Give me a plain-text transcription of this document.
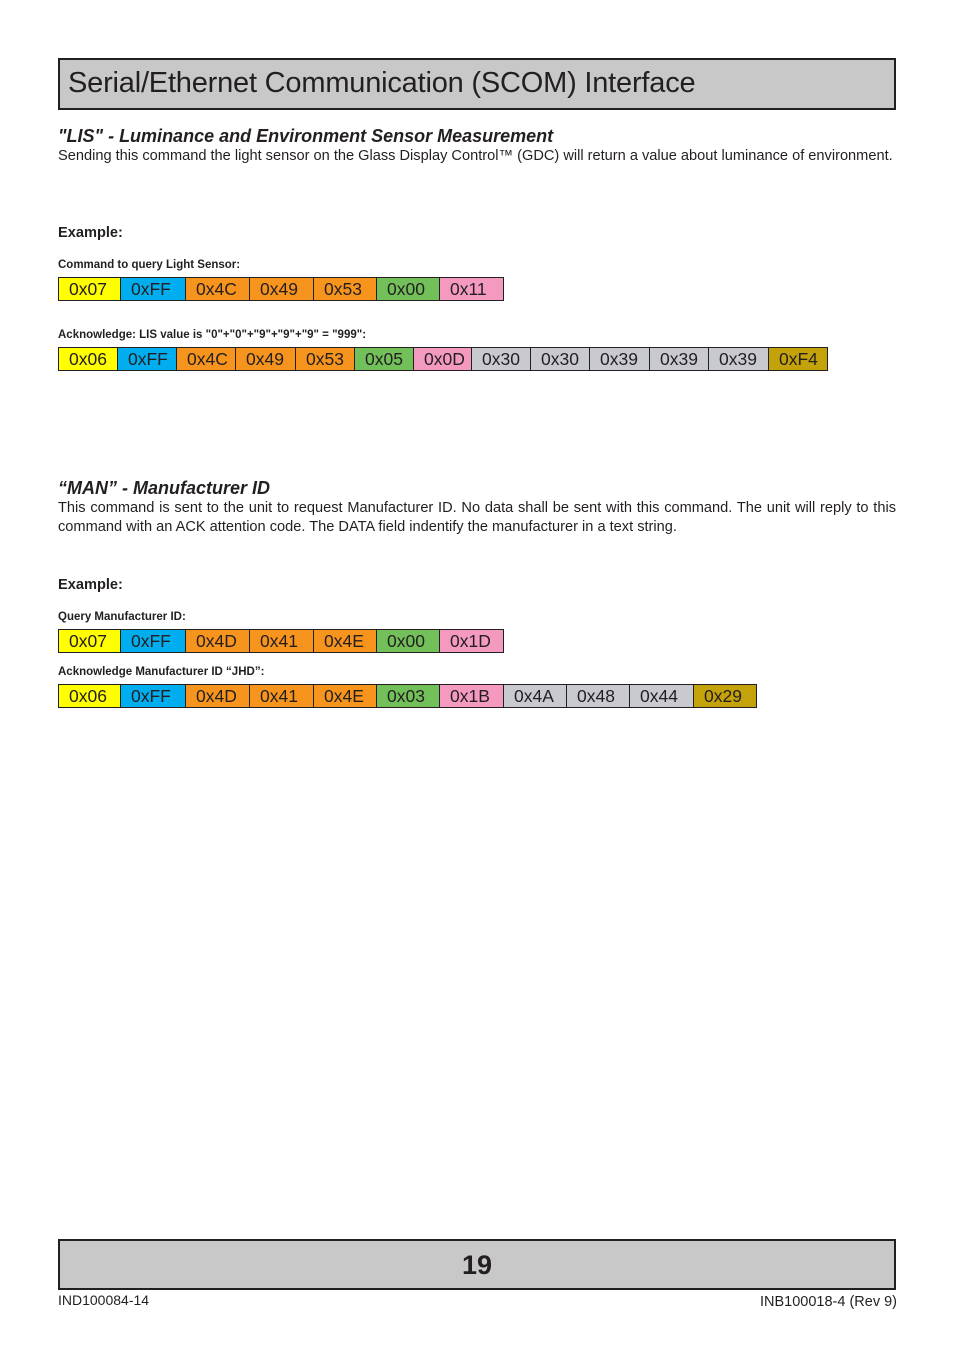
Serial/Ethernet Communication (SCOM) Interface
"LIS" - Luminance and Environment Sensor Measurement
Sending this command the light sensor on the Glass Display Control™ (GDC) will return a value about luminance of environment.
Example:
Command to query Light Sensor:
0x07	0xFF	0x4C	0x49	0x53	0x00	0x11
Acknowledge: LIS value is "0"+"0"+"9"+"9"+"9" = "999":
0x06	0xFF	0x4C	0x49	0x53	0x05	0x0D 0x30	0x30	0x39	0x39	0x39	0xF4
“MAN” - Manufacturer ID
This command is sent to the unit to request Manufacturer ID. No data shall be sent with this command. The unit will reply to this command with an ACK attention code. The DATA field indentify the manufacturer in a text string.
Example:
Query Manufacturer ID:
0x07	0xFF	0x4D	0x41	0x4E	0x00	0x1D
Acknowledge Manufacturer ID “JHD”:
0x06	0xFF	0x4D	0x41	0x4E	0x03	0x1B	0x4A	0x48	0x44	0x29
19
IND100084-14	INB100018-4 (Rev 9)
